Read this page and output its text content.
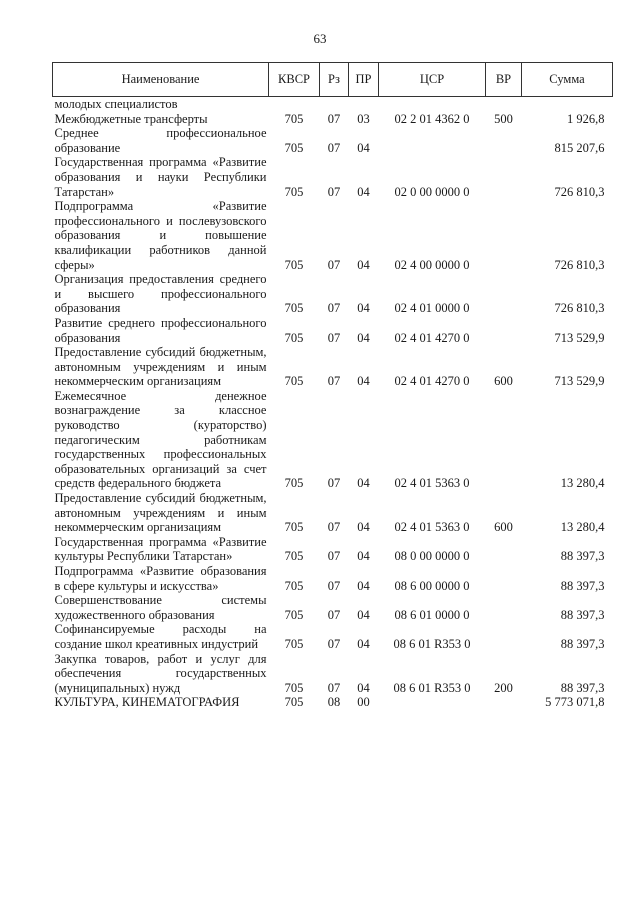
63
Наименование	КВСР	Рз	ПР	ЦСР	ВР	Сумма
молодых специалистов						
Межбюджетные трансферты	705	07	03	02 2 01 4362 0	500	1 926,8
Среднее профессиональное образование	705	07	04			815 207,6
Государственная программа «Развитие образования и науки Республики Татарстан»	705	07	04	02 0 00 0000 0		726 810,3
Подпрограмма «Развитие профессионального и послевузовского образования и повышение квалификации работников данной сферы»	705	07	04	02 4 00 0000 0		726 810,3
Организация предоставления среднего и высшего профессионального образования	705	07	04	02 4 01 0000 0		726 810,3
Развитие среднего профессионального образования	705	07	04	02 4 01 4270 0		713 529,9
Предоставление субсидий бюджетным, автономным учреждениям и иным некоммерческим организациям	705	07	04	02 4 01 4270 0	600	713 529,9
Ежемесячное денежное вознаграждение за классное руководство (кураторство) педагогическим работникам государственных профессиональных образовательных организаций за счет средств федерального бюджета	705	07	04	02 4 01 5363 0		13 280,4
Предоставление субсидий бюджетным, автономным учреждениям и иным некоммерческим организациям	705	07	04	02 4 01 5363 0	600	13 280,4
Государственная программа «Развитие культуры Республики Татарстан»	705	07	04	08 0 00 0000 0		88 397,3
Подпрограмма «Развитие образования в сфере культуры и искусства»	705	07	04	08 6 00 0000 0		88 397,3
Совершенствование системы художественного образования	705	07	04	08 6 01 0000 0		88 397,3
Софинансируемые расходы на создание школ креативных индустрий	705	07	04	08 6 01 R353 0		88 397,3
Закупка товаров, работ и услуг для обеспечения государственных (муниципальных) нужд	705	07	04	08 6 01 R353 0	200	88 397,3
КУЛЬТУРА, КИНЕМАТОГРАФИЯ	705	08	00			5 773 071,8
